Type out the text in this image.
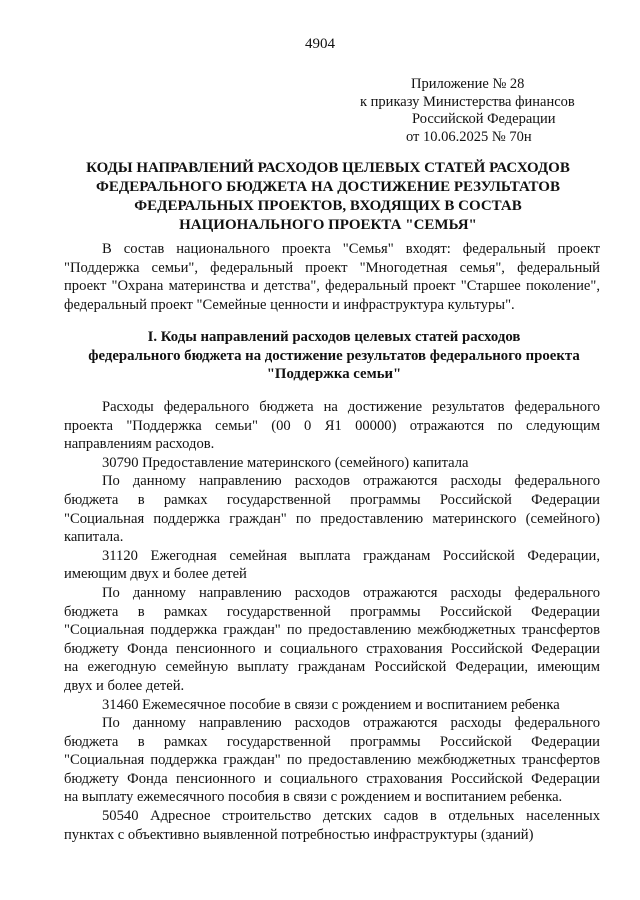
4904
Приложение № 28
к приказу Министерства финансов
Российской Федерации
от 10.06.2025 № 70н
КОДЫ НАПРАВЛЕНИЙ РАСХОДОВ ЦЕЛЕВЫХ СТАТЕЙ РАСХОДОВ
ФЕДЕРАЛЬНОГО БЮДЖЕТА НА ДОСТИЖЕНИЕ РЕЗУЛЬТАТОВ
ФЕДЕРАЛЬНЫХ ПРОЕКТОВ, ВХОДЯЩИХ В СОСТАВ
НАЦИОНАЛЬНОГО ПРОЕКТА "СЕМЬЯ"
В состав национального проекта "Семья" входят: федеральный проект
"Поддержка семьи", федеральный проект "Многодетная семья", федеральный
проект "Охрана материнства и детства", федеральный проект "Старшее поколение",
федеральный проект "Семейные ценности и инфраструктура культуры".
I. Коды направлений расходов целевых статей расходов
федерального бюджета на достижение результатов федерального проекта
"Поддержка семьи"
Расходы федерального бюджета на достижение результатов федерального
проекта "Поддержка семьи" (00 0 Я1 00000) отражаются по следующим
направлениям расходов.
30790 Предоставление материнского (семейного) капитала
По данному направлению расходов отражаются расходы федерального
бюджета в рамках государственной программы Российской Федерации
"Социальная поддержка граждан" по предоставлению материнского (семейного)
капитала.
31120 Ежегодная семейная выплата гражданам Российской Федерации,
имеющим двух и более детей
По данному направлению расходов отражаются расходы федерального
бюджета в рамках государственной программы Российской Федерации
"Социальная поддержка граждан" по предоставлению межбюджетных трансфертов
бюджету Фонда пенсионного и социального страхования Российской Федерации
на ежегодную семейную выплату гражданам Российской Федерации, имеющим
двух и более детей.
31460 Ежемесячное пособие в связи с рождением и воспитанием ребенка
По данному направлению расходов отражаются расходы федерального
бюджета в рамках государственной программы Российской Федерации
"Социальная поддержка граждан" по предоставлению межбюджетных трансфертов
бюджету Фонда пенсионного и социального страхования Российской Федерации
на выплату ежемесячного пособия в связи с рождением и воспитанием ребенка.
50540 Адресное строительство детских садов в отдельных населенных
пунктах с объективно выявленной потребностью инфраструктуры (зданий)
